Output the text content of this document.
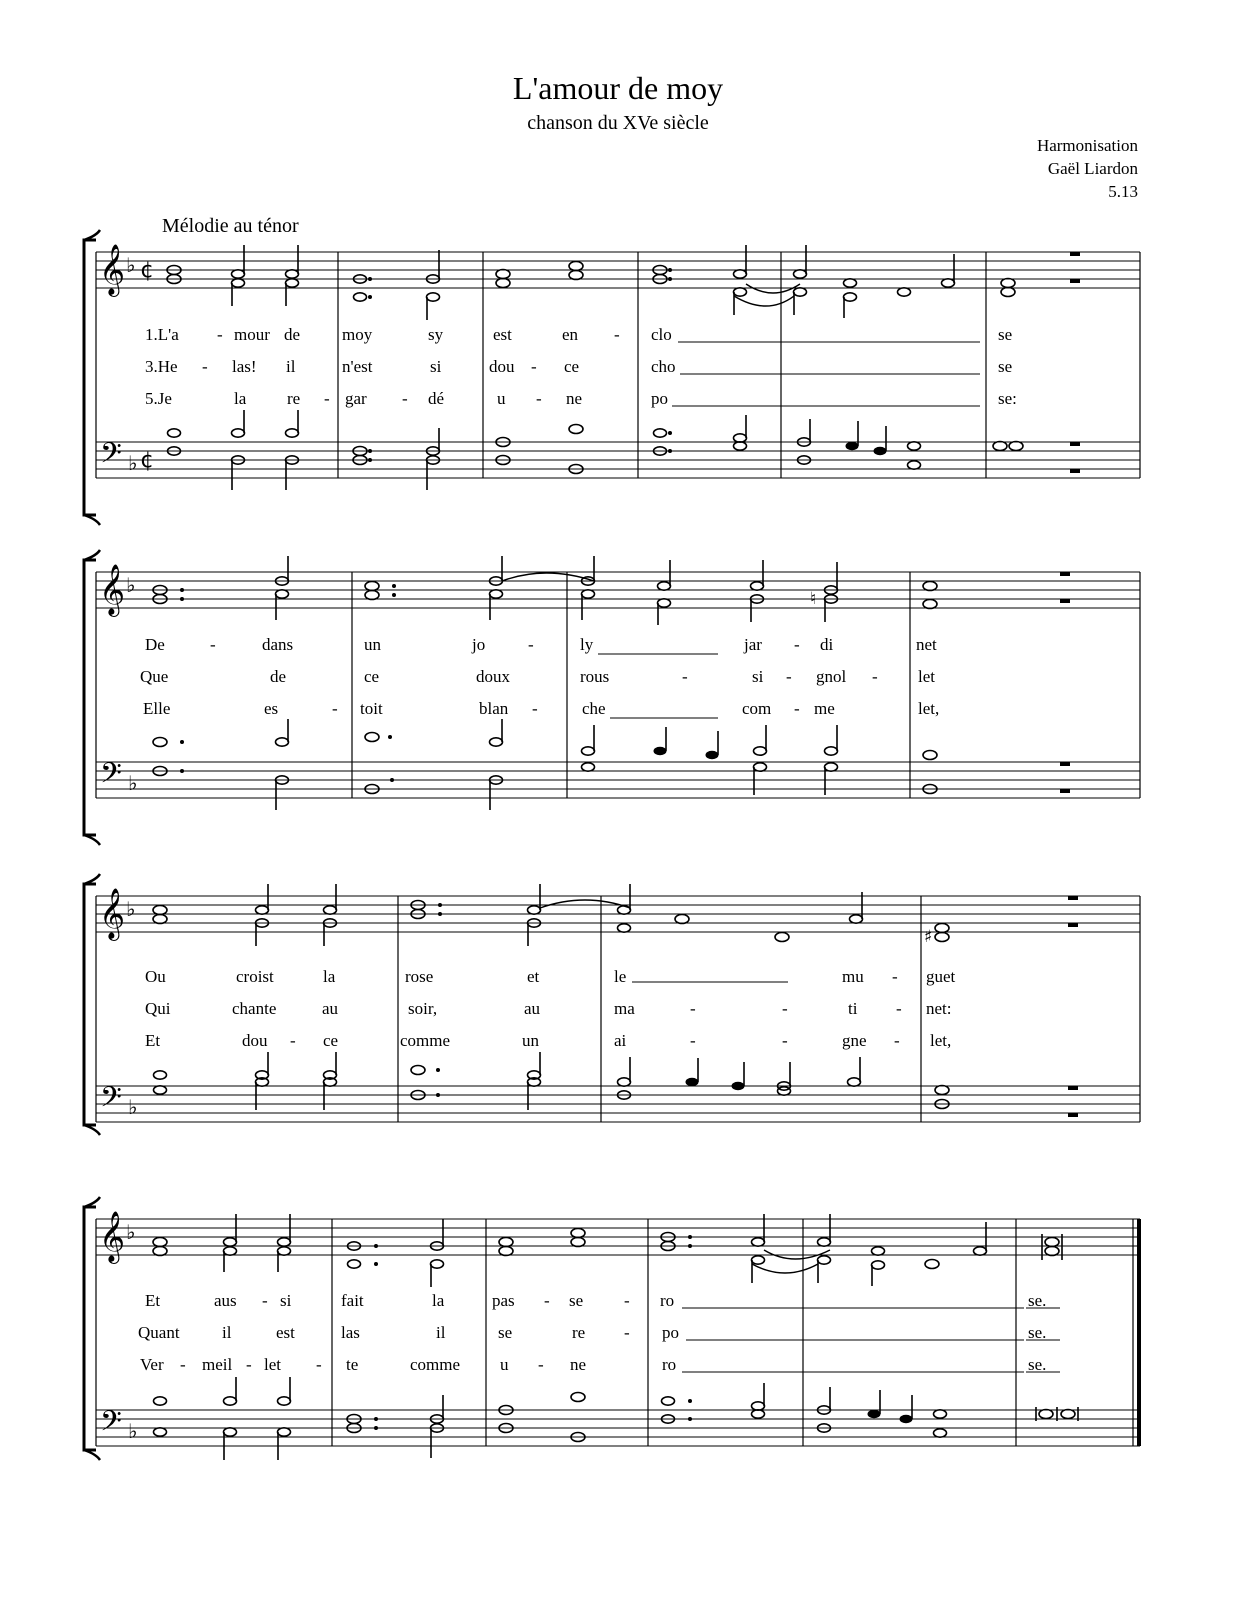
L'amour de moy
chanson du XVe siècle
Harmonisation
Gaël Liardon
5.13
Mélodie au ténor
𝄞
𝄢
♭
♭
¢
¢
1.L'a - mour de moy	sy	est	en - clo	se
3.He - las! il	n'est	si	dou - ce	cho	se
5.Je	la re - gar - dé	u - ne	po	se:
𝄞
𝄢
♭
♭
♮
De	-	dans	un	jo	-	ly	jar - di	net
Que	de	ce	doux	rous	-	si - gnol - let
Elle	es	- toit	blan -	che	com - me	let,
𝄞
𝄢
♭
♭
♯
Ou	croist	la	rose	et	le	mu - guet
Qui	chante	au	soir,	au	ma	-	-	ti - net:
Et	dou - ce	comme	un	ai	-	-	gne - let,
𝄞
𝄢
♭
♭
Et	aus - si	fait	la	pas - se - ro	se.
Quant il	est	las	il	se	re - po	se.
Ver - meil - let - te	comme u - ne	ro	se.
